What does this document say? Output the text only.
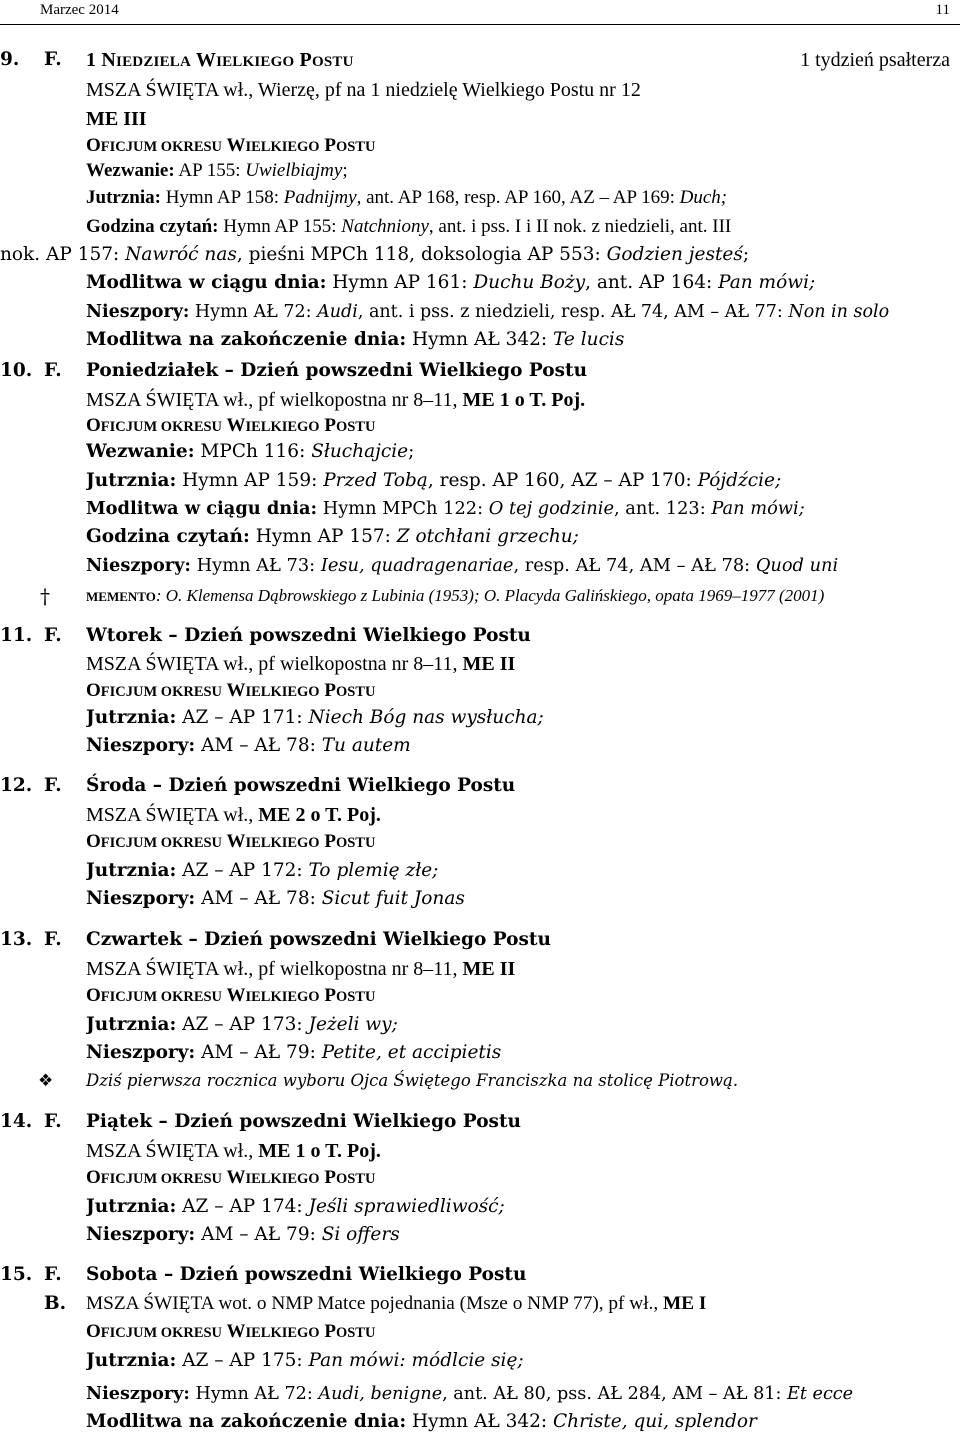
Marzec 2014	11
9.	F. 1 NIEDZIELA WIELKIEGO POSTU	1 tydzień psałterza
MSZA ŚWIĘTA wł., Wierzę, pf na 1 niedzielę Wielkiego Postu nr 12
ME III
OFICJUM OKRESU WIELKIEGO POSTU
Wezwanie: AP 155: Uwielbiajmy;
Jutrznia: Hymn AP 158: Padnijmy, ant. AP 168, resp. AP 160, AZ – AP 169: Duch;
Godzina czytań: Hymn AP 155: Natchniony, ant. i pss. I i II nok. z niedzieli, ant. III
nok. AP 157: Nawróć nas, pieśni MPCh 118, doksologia AP 553: Godzien jesteś;
Modlitwa w ciągu dnia: Hymn AP 161: Duchu Boży, ant. AP 164: Pan mówi;
Nieszpory: Hymn AŁ 72: Audi, ant. i pss. z niedzieli, resp. AŁ 74, AM – AŁ 77: Non in solo
Modlitwa na zakończenie dnia: Hymn AŁ 342: Te lucis
10. F. Poniedziałek – Dzień powszedni Wielkiego Postu
MSZA ŚWIĘTA wł., pf wielkopostna nr 8–11, ME 1 o T. Poj.
OFICJUM OKRESU WIELKIEGO POSTU
Wezwanie: MPCh 116: Słuchajcie;
Jutrznia: Hymn AP 159: Przed Tobą, resp. AP 160, AZ – AP 170: Pójdźcie;
Modlitwa w ciągu dnia: Hymn MPCh 122: O tej godzinie, ant. 123: Pan mówi;
Godzina czytań: Hymn AP 157: Z otchłani grzechu;
Nieszpory: Hymn AŁ 73: Iesu, quadragenariae, resp. AŁ 74, AM – AŁ 78: Quod uni
†	MEMENTO: O. Klemensa Dąbrowskiego z Lubinia (1953); O. Placyda Galińskiego, opata 1969–1977 (2001)
11. F. Wtorek – Dzień powszedni Wielkiego Postu
MSZA ŚWIĘTA wł., pf wielkopostna nr 8–11, ME II
OFICJUM OKRESU WIELKIEGO POSTU
Jutrznia: AZ – AP 171: Niech Bóg nas wysłucha;
Nieszpory: AM – AŁ 78: Tu autem
12. F. Środa – Dzień powszedni Wielkiego Postu
MSZA ŚWIĘTA wł., ME 2 o T. Poj.
OFICJUM OKRESU WIELKIEGO POSTU
Jutrznia: AZ – AP 172: To plemię złe;
Nieszpory: AM – AŁ 78: Sicut fuit Jonas
13. F. Czwartek – Dzień powszedni Wielkiego Postu
MSZA ŚWIĘTA wł., pf wielkopostna nr 8–11, ME II
OFICJUM OKRESU WIELKIEGO POSTU
Jutrznia: AZ – AP 173: Jeżeli wy;
Nieszpory: AM – AŁ 79: Petite, et accipietis
❖ Dziś pierwsza rocznica wyboru Ojca Świętego Franciszka na stolicę Piotrową.
14. F. Piątek – Dzień powszedni Wielkiego Postu
MSZA ŚWIĘTA wł., ME 1 o T. Poj.
OFICJUM OKRESU WIELKIEGO POSTU
Jutrznia: AZ – AP 174: Jeśli sprawiedliwość;
Nieszpory: AM – AŁ 79: Si offers
15. F. Sobota – Dzień powszedni Wielkiego Postu
B. MSZA ŚWIĘTA wot. o NMP Matce pojednania (Msze o NMP 77), pf wł., ME I
OFICJUM OKRESU WIELKIEGO POSTU
Jutrznia: AZ – AP 175: Pan mówi: módlcie się;
Nieszpory: Hymn AŁ 72: Audi, benigne, ant. AŁ 80, pss. AŁ 284, AM – AŁ 81: Et ecce
Modlitwa na zakończenie dnia: Hymn AŁ 342: Christe, qui, splendor
